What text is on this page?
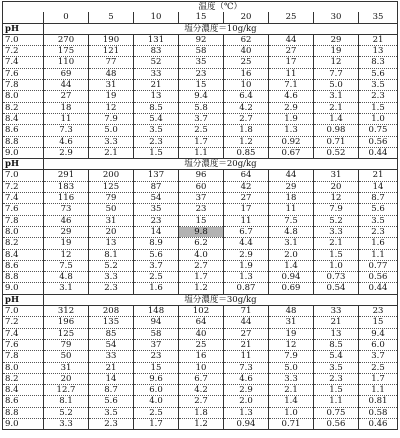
	温度（℃）							
	0	5	10	15	20	25	30	35
pH	塩分濃度＝10g/kg							
7.0	270	190	131	92	62	44	29	21
7.2	175	121	83	58	40	27	19	13
7.4	110	77	52	35	25	17	12	8.3
7.6	69	48	33	23	16	11	7.7	5.6
7.8	44	31	21	15	10	7.1	5.0	3.5
8.0	27	19	13	9.4	6.4	4.6	3.1	2.3
8.2	18	12	8.5	5.8	4.2	2.9	2.1	1.5
8.4	11	7.9	5.4	3.7	2.7	1.9	1.4	1.0
8.6	7.3	5.0	3.5	2.5	1.8	1.3	0.98	0.75
8.8	4.6	3.3	2.3	1.7	1.2	0.92	0.71	0.56
9.0	2.9	2.1	1.5	1.1	0.85	0.67	0.52	0.44
pH	塩分濃度＝20g/kg							
7.0	291	200	137	96	64	44	31	21
7.2	183	125	87	60	42	29	20	14
7.4	116	79	54	37	27	18	12	8.7
7.6	73	50	35	23	17	11	7.9	5.6
7.8	46	31	23	15	11	7.5	5.2	3.5
8.0	29	20	14	9.8	6.7	4.8	3.3	2.3
8.2	19	13	8.9	6.2	4.4	3.1	2.1	1.6
8.4	12	8.1	5.6	4.0	2.9	2.0	1.5	1.1
8.6	7.5	5.2	3.7	2.7	1.9	1.4	1.0	0.77
8.8	4.8	3.3	2.5	1.7	1.3	0.94	0.73	0.56
9.0	3.1	2.3	1.6	1.2	0.87	0.69	0.54	0.44
pH	塩分濃度＝30g/kg							
7.0	312	208	148	102	71	48	33	23
7.2	196	135	94	64	44	31	21	15
7.4	125	85	58	40	27	19	13	9.4
7.6	79	54	37	25	21	12	8.5	6.0
7.8	50	33	23	16	11	7.9	5.4	3.7
8.0	31	21	15	10	7.3	5.0	3.5	2.5
8.2	20	14	9.6	6.7	4.6	3.3	2.3	1.7
8.4	12.7	8.7	6.0	4.2	2.9	2.1	1.5	1.1
8.6	8.1	5.6	4.0	2.7	2.0	1.4	1.1	0.81
8.8	5.2	3.5	2.5	1.8	1.3	1.0	0.75	0.58
9.0	3.3	2.3	1.7	1.2	0.94	0.71	0.56	0.46
